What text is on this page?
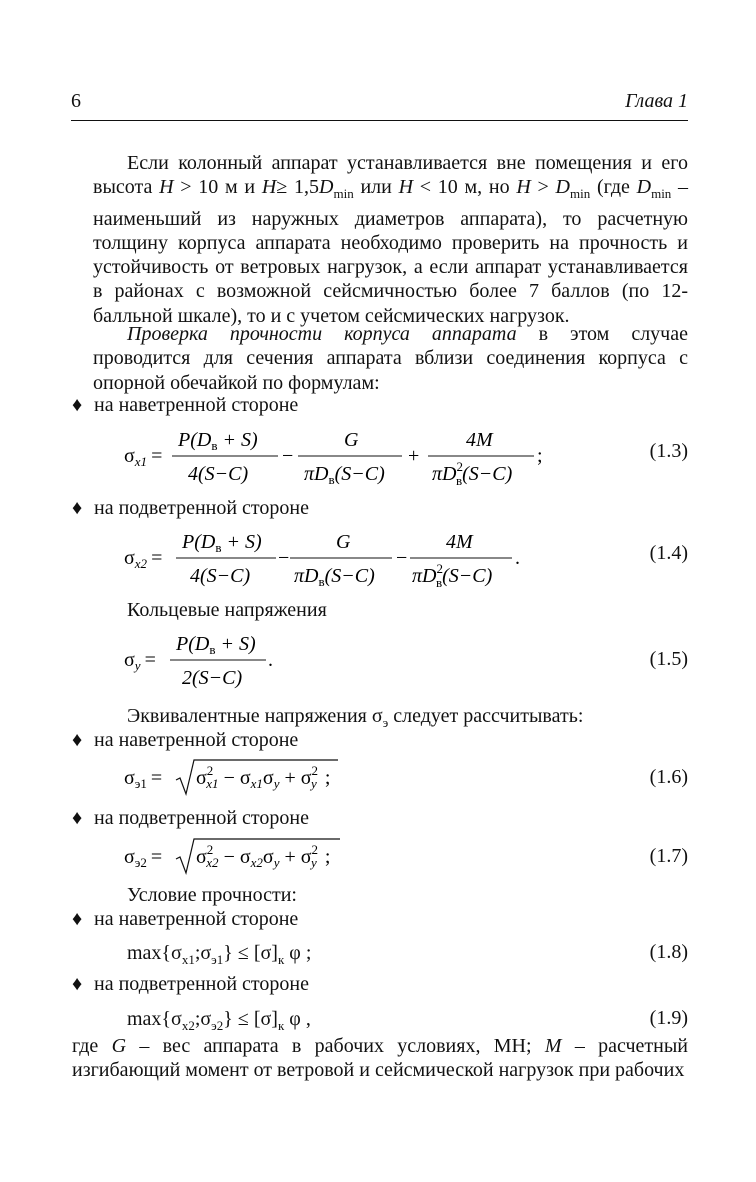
6	Глава 1

Если колонный аппарат устанавливается вне помещения и его высота H > 10 м и $H\ge 1,5D_{min}$ или H < 10 м, но $H > D_{min}$ (где $D_{min}$ – наименьший из наружных диаметров аппарата), то расчетную толщину корпуса аппарата необходимо проверить на прочность и устойчивость от ветровых нагрузок, а если аппарат устанавливается в районах с возможной сейсмичностью более 7 баллов (по 12-балльной шкале), то и с учетом сейсмических нагрузок.

Проверка прочности корпуса аппарата в этом случае проводится для сечения аппарата вблизи соединения корпуса с опорной обечайкой по формулам:

♦ на наветренной стороне
$\sigma_{x1}$ =
$P(D_в + S)$
4(S−C)
−
G
$\pi D_в(S-C)$
+
4M
$\pi D^2$ в(S−C)
;	(1.3)
♦ на подветренной стороне
$\sigma_{x2}$ =
$P(D_в + S)$
4(S−C)
−
G
$\pi D_в(S-C)$
−
4M
$\pi D^2$ в(S−C)
.	(1.4)
Кольцевые напряжения
$\sigma_y$ =
$P(D_в + S)$
2(S−C)
.	(1.5)
Эквивалентные напряжения $\sigma_э$ следует рассчитывать:
♦ на наветренной стороне
$\sigma_{э1} = \sigma^2$ $x1 - \sigma_{x1}\sigma_y + \sigma^2$ y ;	(1.6)
♦ на подветренной стороне
$\sigma_{э2} = \sigma^2$ $x2 - \sigma_{x2}\sigma_y + \sigma^2$ y ;	(1.7)
Условие прочности:
♦ на наветренной стороне
$\max\{\sigma_{x1};\sigma_{э1}\} \le [\sigma]_к$ φ ;	(1.8)
♦ на подветренной стороне
$\max\{\sigma_{x2};\sigma_{э2}\} \le [\sigma]_к$ φ ,	(1.9)

где G – вес аппарата в рабочих условиях, МН; M – расчетный изгибающий момент от ветровой и сейсмической нагрузок при рабочих
